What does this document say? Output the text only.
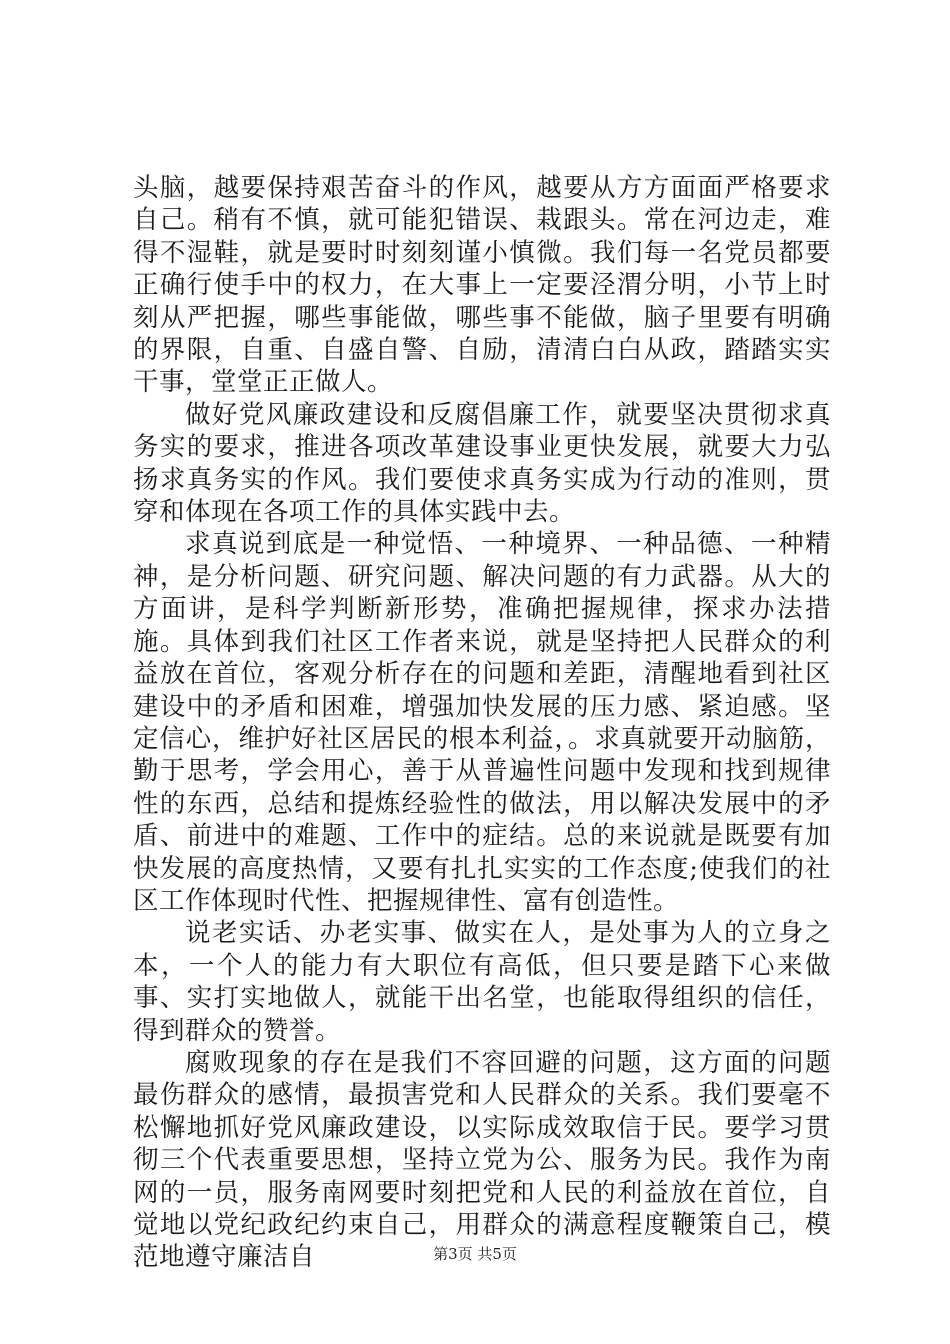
头脑，越要保持艰苦奋斗的作风，越要从方方面面严格要求自己。稍有不慎，就可能犯错误、栽跟头。常在河边走，难得不湿鞋，就是要时时刻刻谨小慎微。我们每一名党员都要正确行使手中的权力，在大事上一定要泾渭分明，小节上时刻从严把握，哪些事能做，哪些事不能做，脑子里要有明确的界限，自重、自盛自警、自励，清清白白从政，踏踏实实干事，堂堂正正做人。

做好党风廉政建设和反腐倡廉工作，就要坚决贯彻求真务实的要求，推进各项改革建设事业更快发展，就要大力弘扬求真务实的作风。我们要使求真务实成为行动的准则，贯穿和体现在各项工作的具体实践中去。

求真说到底是一种觉悟、一种境界、一种品德、一种精神，是分析问题、研究问题、解决问题的有力武器。从大的方面讲，是科学判断新形势，准确把握规律，探求办法措施。具体到我们社区工作者来说，就是坚持把人民群众的利益放在首位，客观分析存在的问题和差距，清醒地看到社区建设中的矛盾和困难，增强加快发展的压力感、紧迫感。坚定信心，维护好社区居民的根本利益，。求真就要开动脑筋，勤于思考，学会用心，善于从普遍性问题中发现和找到规律性的东西，总结和提炼经验性的做法，用以解决发展中的矛盾、前进中的难题、工作中的症结。总的来说就是既要有加快发展的高度热情，又要有扎扎实实的工作态度;使我们的社区工作体现时代性、把握规律性、富有创造性。

说老实话、办老实事、做实在人，是处事为人的立身之本，一个人的能力有大职位有高低，但只要是踏下心来做事、实打实地做人，就能干出名堂，也能取得组织的信任，得到群众的赞誉。

腐败现象的存在是我们不容回避的问题，这方面的问题最伤群众的感情，最损害党和人民群众的关系。我们要毫不松懈地抓好党风廉政建设，以实际成效取信于民。要学习贯彻三个代表重要思想，坚持立党为公、服务为民。我作为南网的一员，服务南网要时刻把党和人民的利益放在首位，自觉地以党纪政纪约束自己，用群众的满意程度鞭策自己，模范地遵守廉洁自	第3页 共5页
